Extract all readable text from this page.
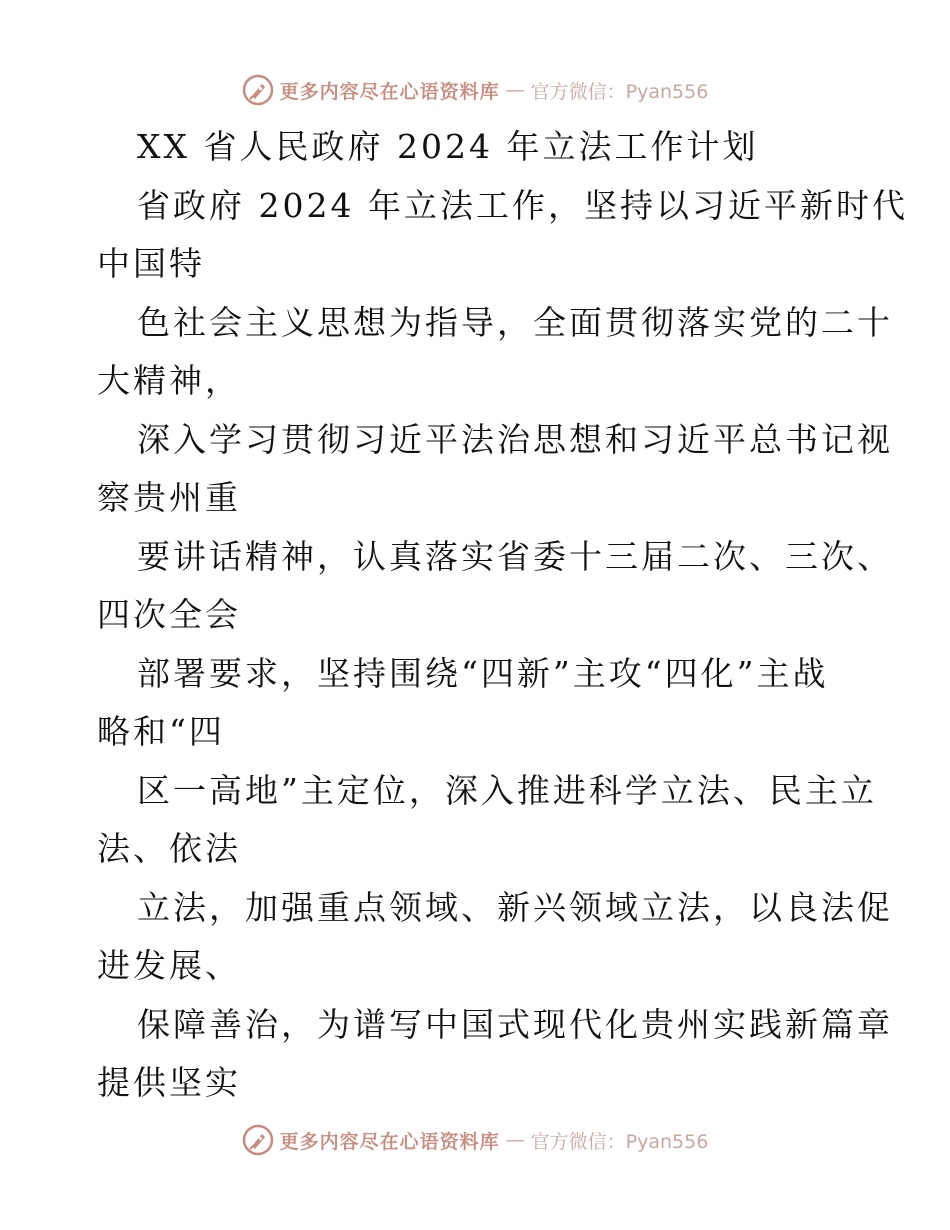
更多内容尽在心语资料库 — 官方微信：Pyan556
XX 省人民政府 2024 年立法工作计划
省政府 2024 年立法工作，坚持以习近平新时代
中国特
色社会主义思想为指导，全面贯彻落实党的二十
大精神，
深入学习贯彻习近平法治思想和习近平总书记视
察贵州重
要讲话精神，认真落实省委十三届二次、三次、
四次全会
部署要求，坚持围绕“四新”主攻“四化”主战
略和“四
区一高地”主定位，深入推进科学立法、民主立
法、依法
立法，加强重点领域、新兴领域立法，以良法促
进发展、
保障善治，为谱写中国式现代化贵州实践新篇章
提供坚实
更多内容尽在心语资料库 — 官方微信：Pyan556
